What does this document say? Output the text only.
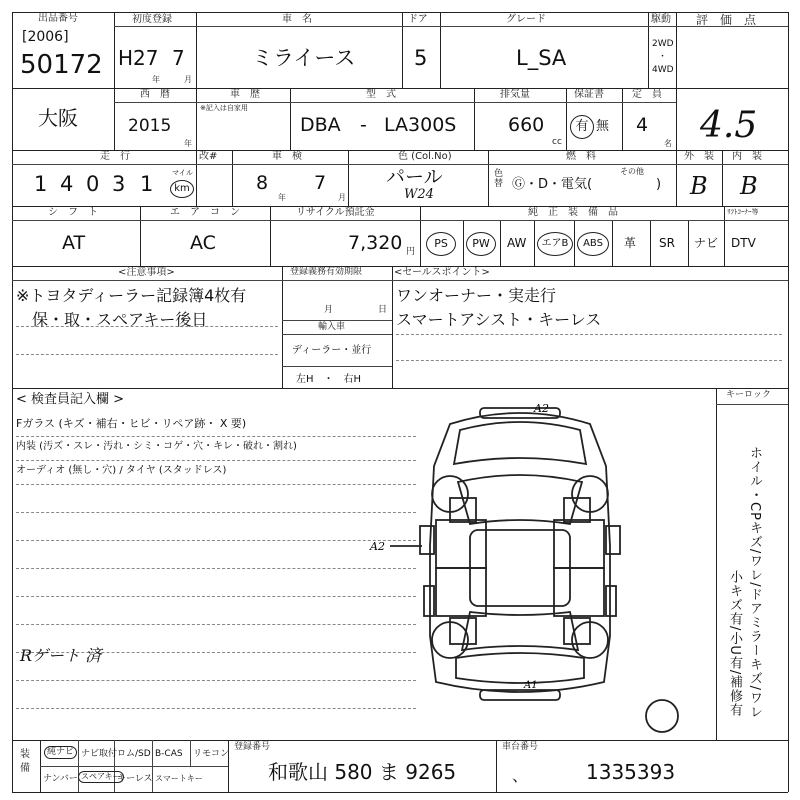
出品番号
[2006]
50172
初度登録
H27 7
年	月
車　名
ミライース
ドア
5
グレード
L_SA
駆動
2WD
・
4WD
評　価　点
4.5
大阪
西　暦
2015
年
車　歴
※記入は自家用
型　式
DBA - LA300S
排気量
660
cc
保証書
有 無
定　員
4
名
走　行
1 4 0 3 1	マイル
km
改#	車　検
8
年
7
月
色 (Col.No)
パール
W24
色替
燃　料
Ⓖ・D・電気(
その他
)
外　装
B
内　装
B
シ　フ　ト
AT
エ　ア　コ　ン
AC
リサイクル預託金
7,320 円
純　正　装　備　品	ﾘﾌﾄｺｰﾅｰ等
PS	PW	AW	エアB	ABS	革 SR ナビ DTV
<注意事項>
※トヨタディーラー記録簿4枚有
　保・取・スペアキー後日
登録義務有効期限
月	日
輸入車
ディーラー・並行
左H　・　右H
<セールスポイント>
ワンオーナー・実走行
スマートアシスト・キーレス
< 検査員記入欄 >	キーロック
Fガラス (キズ・補右・ヒビ・リペア跡・ X 要)
内装 (汚ズ・スレ・汚れ・シミ・コゲ・穴・キレ・破れ・割れ)
オーディオ (無し・穴) / タイヤ (スタッドレス)
Rゲート 済	ホイル・CPキズ/ワレ/ドアミラーキズ/ワレ
小キズ有/小U有/補修有
A2
A2
A1
装備
純ナビ ナビ取付 ロム/SD B-CAS リモコン
ナンバー スペアキー
キーレス スマートキー
登録番号
和歌山 580 ま 9265
車台番号
、	1335393
